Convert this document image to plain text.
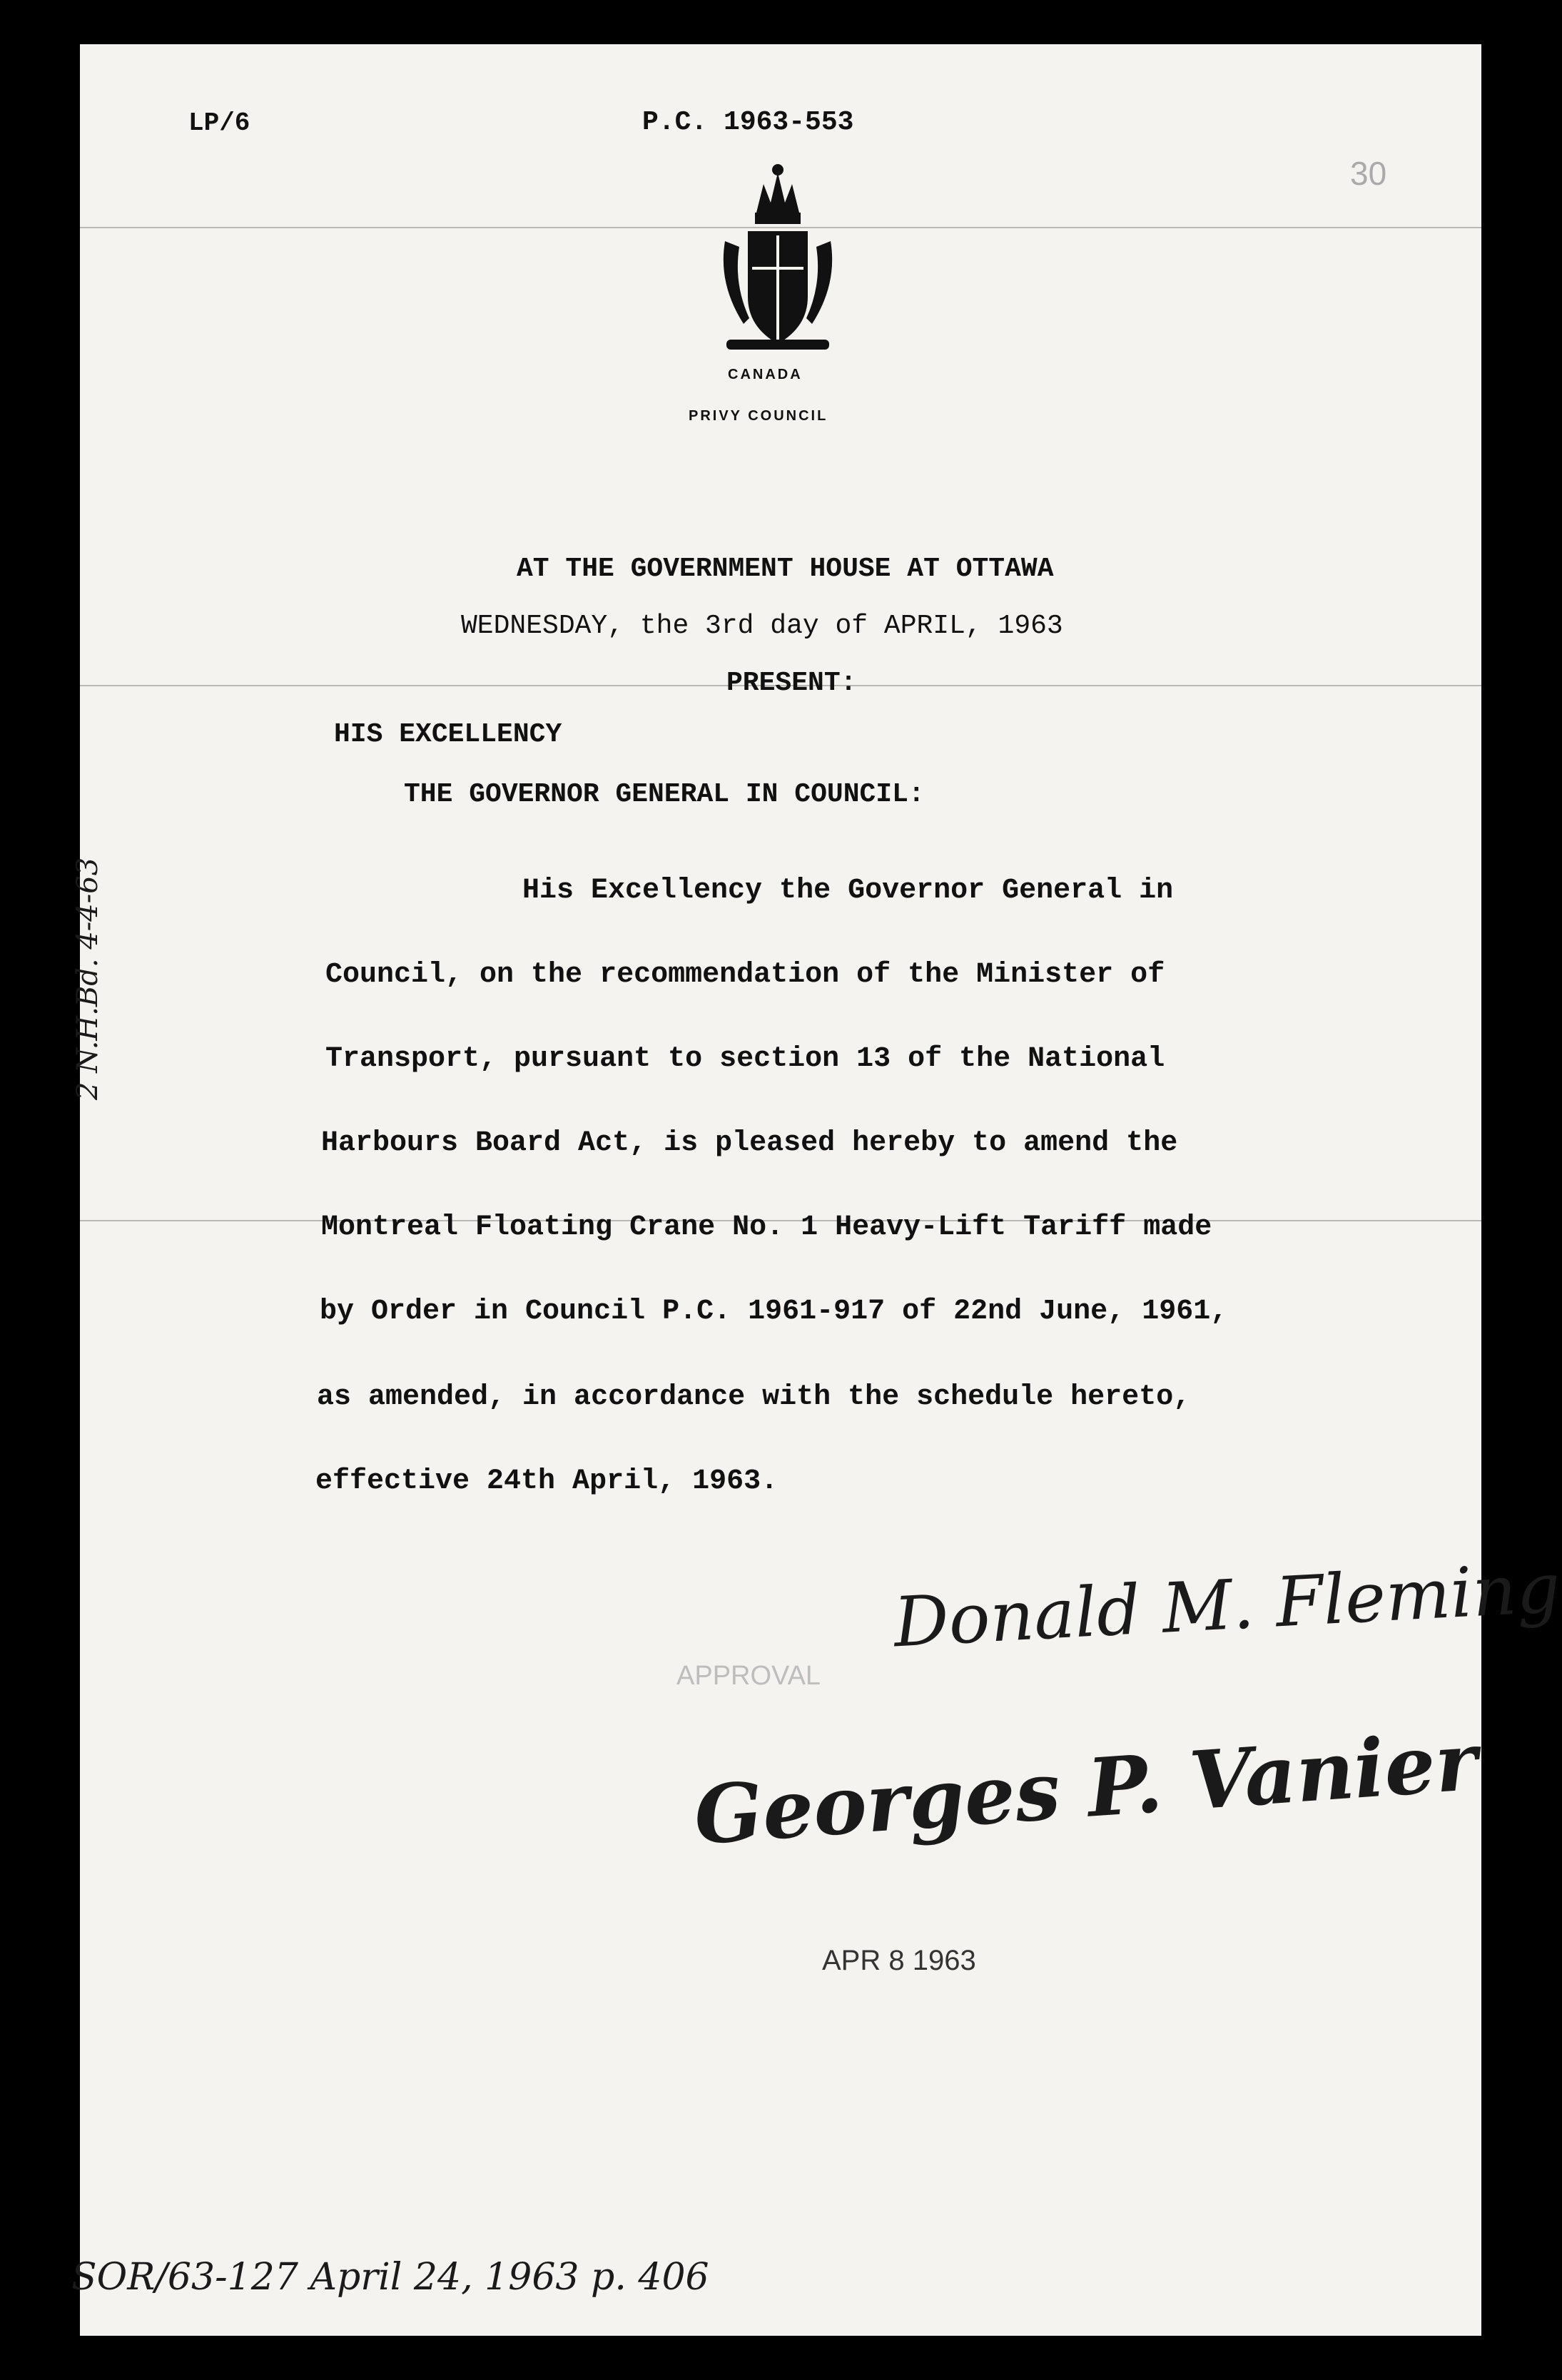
LP/6	P.C. 1963-553
30
CANADA
PRIVY COUNCIL
AT THE GOVERNMENT HOUSE AT OTTAWA
WEDNESDAY, the 3rd day of APRIL, 1963
PRESENT:
HIS EXCELLENCY
THE GOVERNOR GENERAL IN COUNCIL:
His Excellency the Governor General in
Council, on the recommendation of the Minister of
Transport, pursuant to section 13 of the National
Harbours Board Act, is pleased hereby to amend the
Montreal Floating Crane No. 1 Heavy-Lift Tariff made
by Order in Council P.C. 1961-917 of 22nd June, 1961,
as amended, in accordance with the schedule hereto,
effective 24th April, 1963.
Donald M. Fleming
APPROVAL
Georges P. Vanier
APR 8 1963
2 N.H.Bd. 4-4-63
SOR/63-127 April 24, 1963 p. 406
